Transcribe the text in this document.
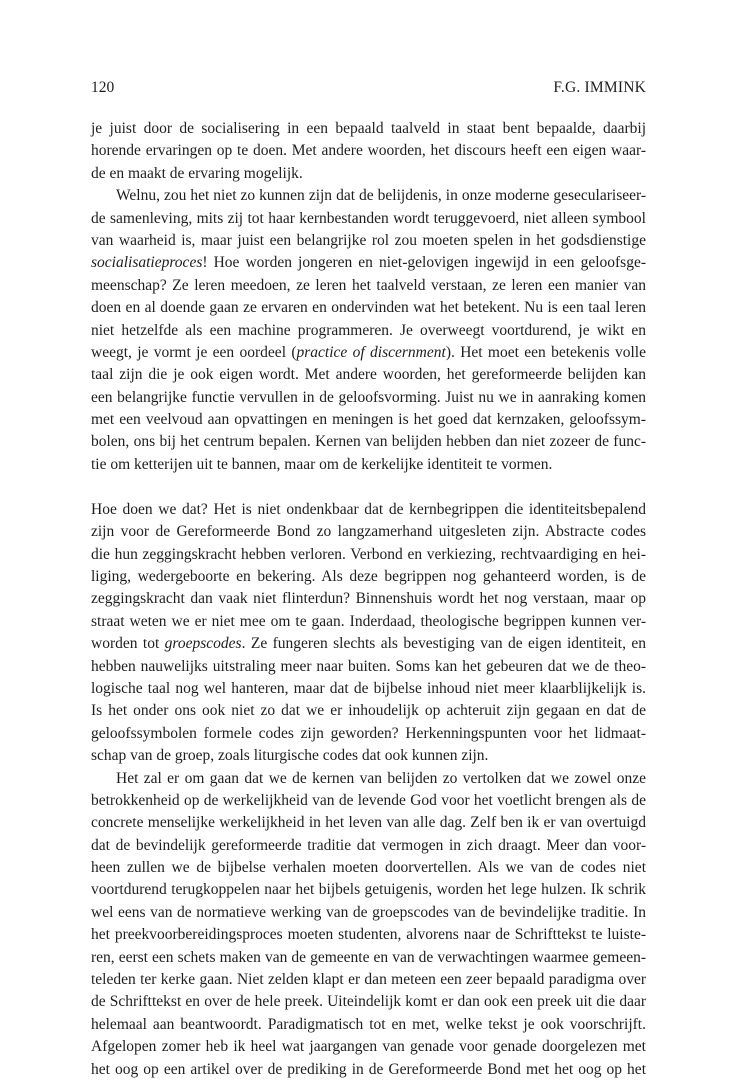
120	F.G. IMMINK
je juist door de socialisering in een bepaald taalveld in staat bent bepaalde, daarbij
horende ervaringen op te doen. Met andere woorden, het discours heeft een eigen waar-
de en maakt de ervaring mogelijk.
Welnu, zou het niet zo kunnen zijn dat de belijdenis, in onze moderne geseculariseer-
de samenleving, mits zij tot haar kernbestanden wordt teruggevoerd, niet alleen symbool
van waarheid is, maar juist een belangrijke rol zou moeten spelen in het godsdienstige
socialisatieproces! Hoe worden jongeren en niet-gelovigen ingewijd in een geloofsge-
meenschap? Ze leren meedoen, ze leren het taalveld verstaan, ze leren een manier van
doen en al doende gaan ze ervaren en ondervinden wat het betekent. Nu is een taal leren
niet hetzelfde als een machine programmeren. Je overweegt voortdurend, je wikt en
weegt, je vormt je een oordeel (practice of discernment). Het moet een betekenis volle
taal zijn die je ook eigen wordt. Met andere woorden, het gereformeerde belijden kan
een belangrijke functie vervullen in de geloofsvorming. Juist nu we in aanraking komen
met een veelvoud aan opvattingen en meningen is het goed dat kernzaken, geloofssym-
bolen, ons bij het centrum bepalen. Kernen van belijden hebben dan niet zozeer de func-
tie om ketterijen uit te bannen, maar om de kerkelijke identiteit te vormen.
Hoe doen we dat? Het is niet ondenkbaar dat de kernbegrippen die identiteitsbepalend
zijn voor de Gereformeerde Bond zo langzamerhand uitgesleten zijn. Abstracte codes
die hun zeggingskracht hebben verloren. Verbond en verkiezing, rechtvaardiging en hei-
liging, wedergeboorte en bekering. Als deze begrippen nog gehanteerd worden, is de
zeggingskracht dan vaak niet flinterdun? Binnenshuis wordt het nog verstaan, maar op
straat weten we er niet mee om te gaan. Inderdaad, theologische begrippen kunnen ver-
worden tot groepscodes. Ze fungeren slechts als bevestiging van de eigen identiteit, en
hebben nauwelijks uitstraling meer naar buiten. Soms kan het gebeuren dat we de theo-
logische taal nog wel hanteren, maar dat de bijbelse inhoud niet meer klaarblijkelijk is.
Is het onder ons ook niet zo dat we er inhoudelijk op achteruit zijn gegaan en dat de
geloofssymbolen formele codes zijn geworden? Herkenningspunten voor het lidmaat-
schap van de groep, zoals liturgische codes dat ook kunnen zijn.
Het zal er om gaan dat we de kernen van belijden zo vertolken dat we zowel onze
betrokkenheid op de werkelijkheid van de levende God voor het voetlicht brengen als de
concrete menselijke werkelijkheid in het leven van alle dag. Zelf ben ik er van overtuigd
dat de bevindelijk gereformeerde traditie dat vermogen in zich draagt. Meer dan voor-
heen zullen we de bijbelse verhalen moeten doorvertellen. Als we van de codes niet
voortdurend terugkoppelen naar het bijbels getuigenis, worden het lege hulzen. Ik schrik
wel eens van de normatieve werking van de groepscodes van de bevindelijke traditie. In
het preekvoorbereidingsproces moeten studenten, alvorens naar de Schrifttekst te luiste-
ren, eerst een schets maken van de gemeente en van de verwachtingen waarmee gemeen-
teleden ter kerke gaan. Niet zelden klapt er dan meteen een zeer bepaald paradigma over
de Schrifttekst en over de hele preek. Uiteindelijk komt er dan ook een preek uit die daar
helemaal aan beantwoordt. Paradigmatisch tot en met, welke tekst je ook voorschrijft.
Afgelopen zomer heb ik heel wat jaargangen van genade voor genade doorgelezen met
het oog op een artikel over de prediking in de Gereformeerde Bond met het oog op het
